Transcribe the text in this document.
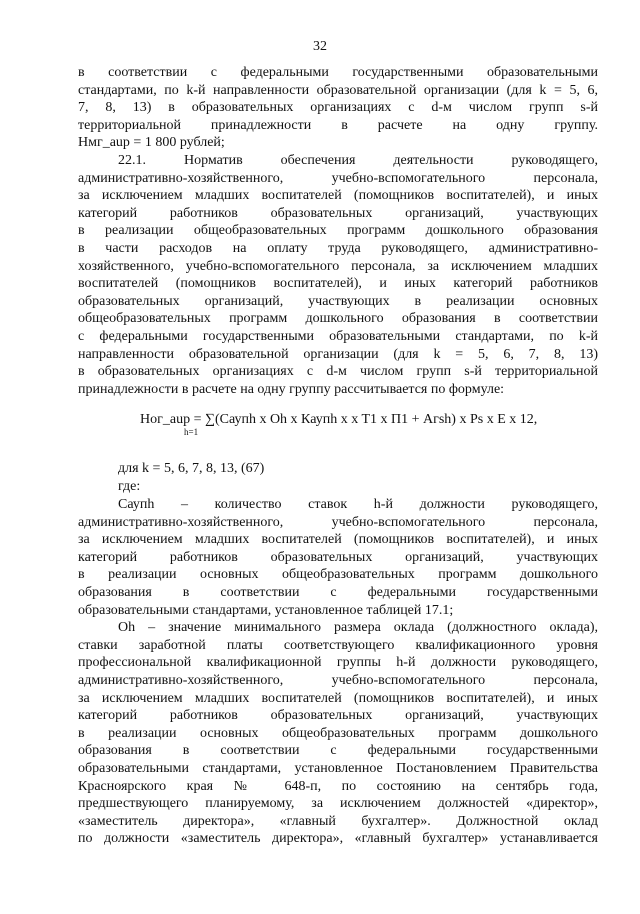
32
в соответствии с федеральными государственными образовательными
стандартами, по k-й направленности образовательной организации (для k = 5, 6,
7, 8, 13) в образовательных организациях с d-м числом групп s-й
территориальной принадлежности в расчете на одну группу.
Нмг_aup = 1 800 рублей;
22.1. Норматив обеспечения деятельности руководящего,
административно-хозяйственного, учебно-вспомогательного персонала,
за исключением младших воспитателей (помощников воспитателей), и иных
категорий работников образовательных организаций, участвующих
в реализации общеобразовательных программ дошкольного образования
в части расходов на оплату труда руководящего, административно-
хозяйственного, учебно-вспомогательного персонала, за исключением младших
воспитателей (помощников воспитателей), и иных категорий работников
образовательных организаций, участвующих в реализации основных
общеобразовательных программ дошкольного образования в соответствии
с федеральными государственными образовательными стандартами, по k-й
направленности образовательной организации (для k = 5, 6, 7, 8, 13)
в образовательных организациях с d-м числом групп s-й территориальной
принадлежности в расчете на одну группу рассчитывается по формуле:
Ног_aup = ∑(Саупh x Oh x Каупh x x T1 x П1 + Агsh) x Ps x E x 12,
h=1
для k = 5, 6, 7, 8, 13, (67)
где:
Саупh – количество ставок h-й должности руководящего,
административно-хозяйственного, учебно-вспомогательного персонала,
за исключением младших воспитателей (помощников воспитателей), и иных
категорий работников образовательных организаций, участвующих
в реализации основных общеобразовательных программ дошкольного
образования в соответствии с федеральными государственными
образовательными стандартами, установленное таблицей 17.1;
Oh – значение минимального размера оклада (должностного оклада),
ставки заработной платы соответствующего квалификационного уровня
профессиональной квалификационной группы h-й должности руководящего,
административно-хозяйственного, учебно-вспомогательного персонала,
за исключением младших воспитателей (помощников воспитателей), и иных
категорий работников образовательных организаций, участвующих
в реализации основных общеобразовательных программ дошкольного
образования в соответствии с федеральными государственными
образовательными стандартами, установленное Постановлением Правительства
Красноярского края № 648-п, по состоянию на сентябрь года,
предшествующего планируемому, за исключением должностей «директор»,
«заместитель директора», «главный бухгалтер». Должностной оклад
по должности «заместитель директора», «главный бухгалтер» устанавливается
